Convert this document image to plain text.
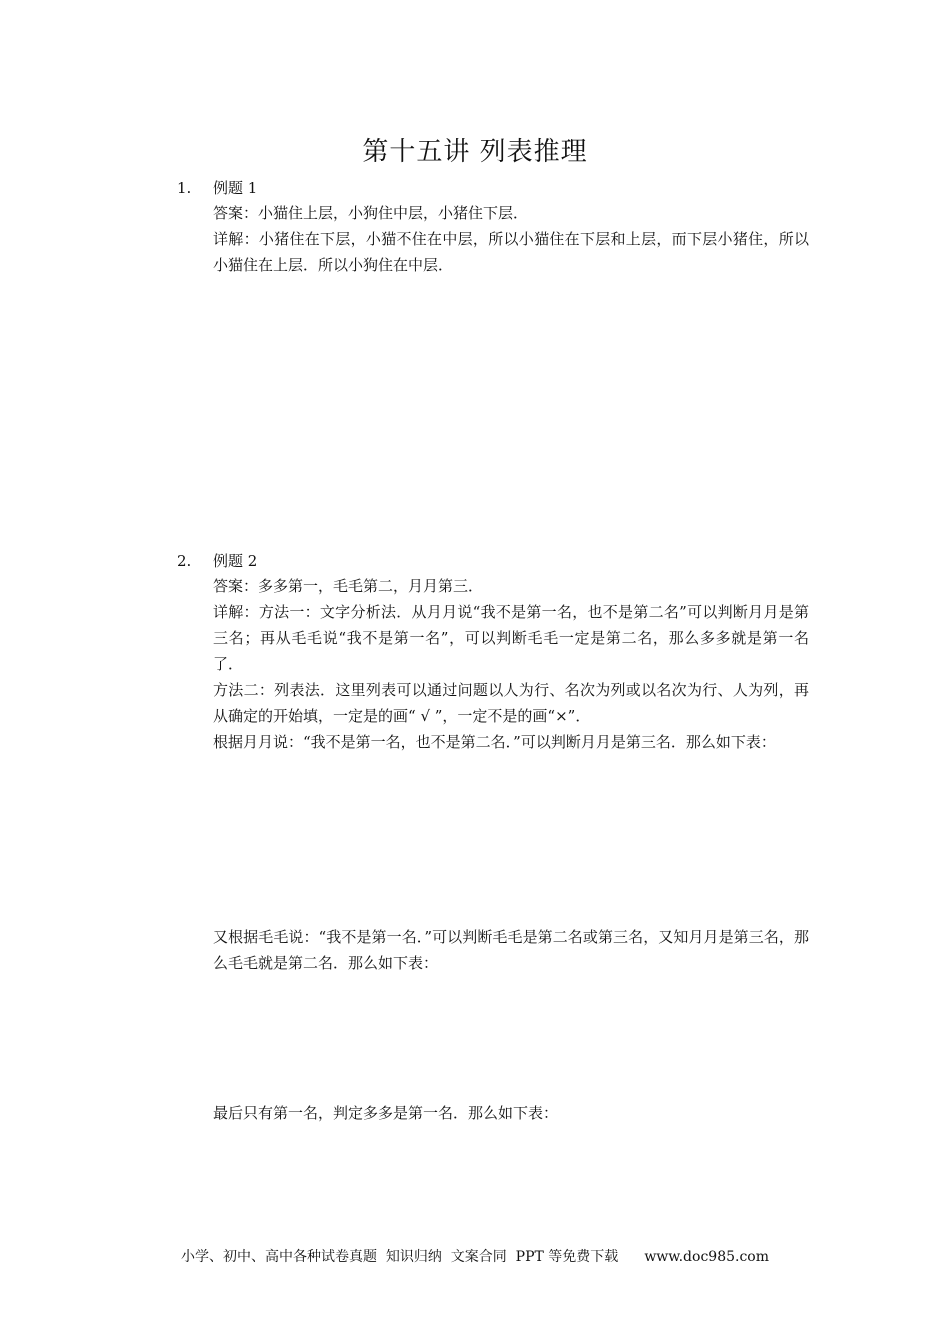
第十五讲 列表推理
1. 例题 1

答案：小猫住上层，小狗住中层，小猪住下层．

详解：小猪住在下层，小猫不住在中层，所以小猫住在下层和上层，而下层小猪住，所以小猫住在上层．所以小狗住在中层．

2. 例题 2

答案：多多第一，毛毛第二，月月第三．

详解：方法一：文字分析法．从月月说“我不是第一名，也不是第二名”可以判断月月是第三名；再从毛毛说“我不是第一名”，可以判断毛毛一定是第二名，那么多多就是第一名了．

方法二：列表法．这里列表可以通过问题以人为行、名次为列或以名次为行、人为列，再从确定的开始填，一定是的画“ √ ”，一定不是的画“×”．

根据月月说：“我不是第一名，也不是第二名．”可以判断月月是第三名．那么如下表：

又根据毛毛说：“我不是第一名．”可以判断毛毛是第二名或第三名，又知月月是第三名，那么毛毛就是第二名．那么如下表：

最后只有第一名，判定多多是第一名．那么如下表：

小学、初中、高中各种试卷真题  知识归纳  文案合同  PPT 等免费下载 www.doc985.com
